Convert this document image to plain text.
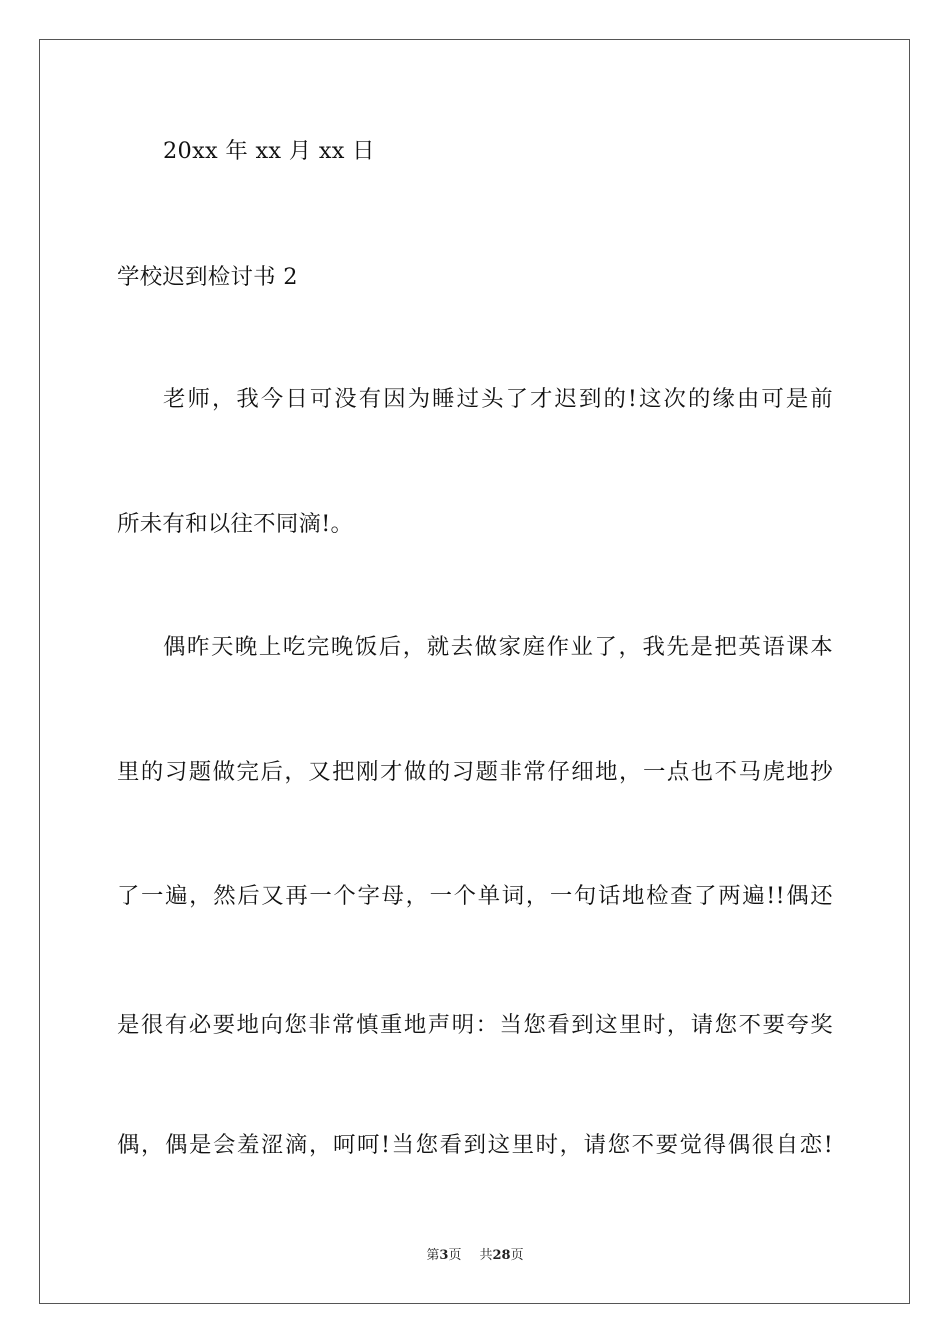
20xx 年 xx 月 xx 日
学校迟到检讨书 2
老师，我今日可没有因为睡过头了才迟到的!这次的缘由可是前
所未有和以往不同滴!。
偶昨天晚上吃完晚饭后，就去做家庭作业了，我先是把英语课本
里的习题做完后，又把刚才做的习题非常仔细地，一点也不马虎地抄
了一遍，然后又再一个字母，一个单词，一句话地检查了两遍!!偶还
是很有必要地向您非常慎重地声明：当您看到这里时，请您不要夸奖
偶，偶是会羞涩滴，呵呵!当您看到这里时，请您不要觉得偶很自恋!
第3页 共28页
